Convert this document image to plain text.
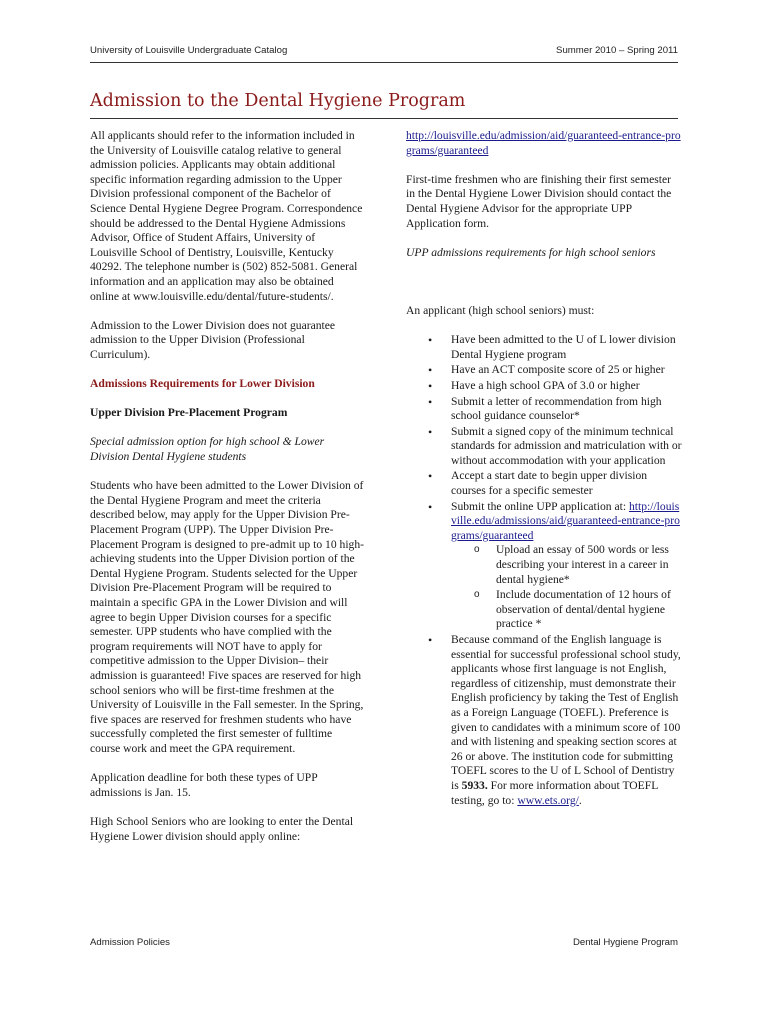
University of Louisville Undergraduate Catalog	Summer 2010 – Spring 2011
Admission to the Dental Hygiene Program

All applicants should refer to the information included in the University of Louisville catalog relative to general admission policies. Applicants may obtain additional specific information regarding admission to the Upper Division professional component of the Bachelor of Science Dental Hygiene Degree Program. Correspondence should be addressed to the Dental Hygiene Admissions Advisor, Office of Student Affairs, University of Louisville School of Dentistry, Louisville, Kentucky 40292. The telephone number is (502) 852-5081. General information and an application may also be obtained online at www.louisville.edu/dental/future-students/.

Admission to the Lower Division does not guarantee admission to the Upper Division (Professional Curriculum).

Admissions Requirements for Lower Division

Upper Division Pre-Placement Program

Special admission option for high school & Lower Division Dental Hygiene students

Students who have been admitted to the Lower Division of the Dental Hygiene Program and meet the criteria described below, may apply for the Upper Division Pre-Placement Program (UPP). The Upper Division Pre-Placement Program is designed to pre-admit up to 10 high-achieving students into the Upper Division portion of the Dental Hygiene Program. Students selected for the Upper Division Pre-Placement Program will be required to maintain a specific GPA in the Lower Division and will agree to begin Upper Division courses for a specific semester. UPP students who have complied with the program requirements will NOT have to apply for competitive admission to the Upper Division– their admission is guaranteed! Five spaces are reserved for high school seniors who will be first-time freshmen at the University of Louisville in the Fall semester. In the Spring, five spaces are reserved for freshmen students who have successfully completed the first semester of fulltime course work and meet the GPA requirement.

Application deadline for both these types of UPP admissions is Jan. 15.

High School Seniors who are looking to enter the Dental Hygiene Lower division should apply online:

http://louisville.edu/admission/aid/guaranteed-entrance-programs/guaranteed

First-time freshmen who are finishing their first semester in the Dental Hygiene Lower Division should contact the Dental Hygiene Advisor for the appropriate UPP Application form.

UPP admissions requirements for high school seniors

An applicant (high school seniors) must:

• Have been admitted to the U of L lower division Dental Hygiene program
• Have an ACT composite score of 25 or higher
• Have a high school GPA of 3.0 or higher
• Submit a letter of recommendation from high school guidance counselor*
• Submit a signed copy of the minimum technical standards for admission and matriculation with or without accommodation with your application
• Accept a start date to begin upper division courses for a specific semester
• Submit the online UPP application at: http://louisville.edu/admissions/aid/guaranteed-entrance-programs/guaranteed
o Upload an essay of 500 words or less describing your interest in a career in dental hygiene*
o Include documentation of 12 hours of observation of dental/dental hygiene practice *
• Because command of the English language is essential for successful professional school study, applicants whose first language is not English, regardless of citizenship, must demonstrate their English proficiency by taking the Test of English as a Foreign Language (TOEFL). Preference is given to candidates with a minimum score of 100 and with listening and speaking section scores at 26 or above. The institution code for submitting TOEFL scores to the U of L School of Dentistry is 5933. For more information about TOEFL testing, go to: www.ets.org/.
Admission Policies	Dental Hygiene Program
